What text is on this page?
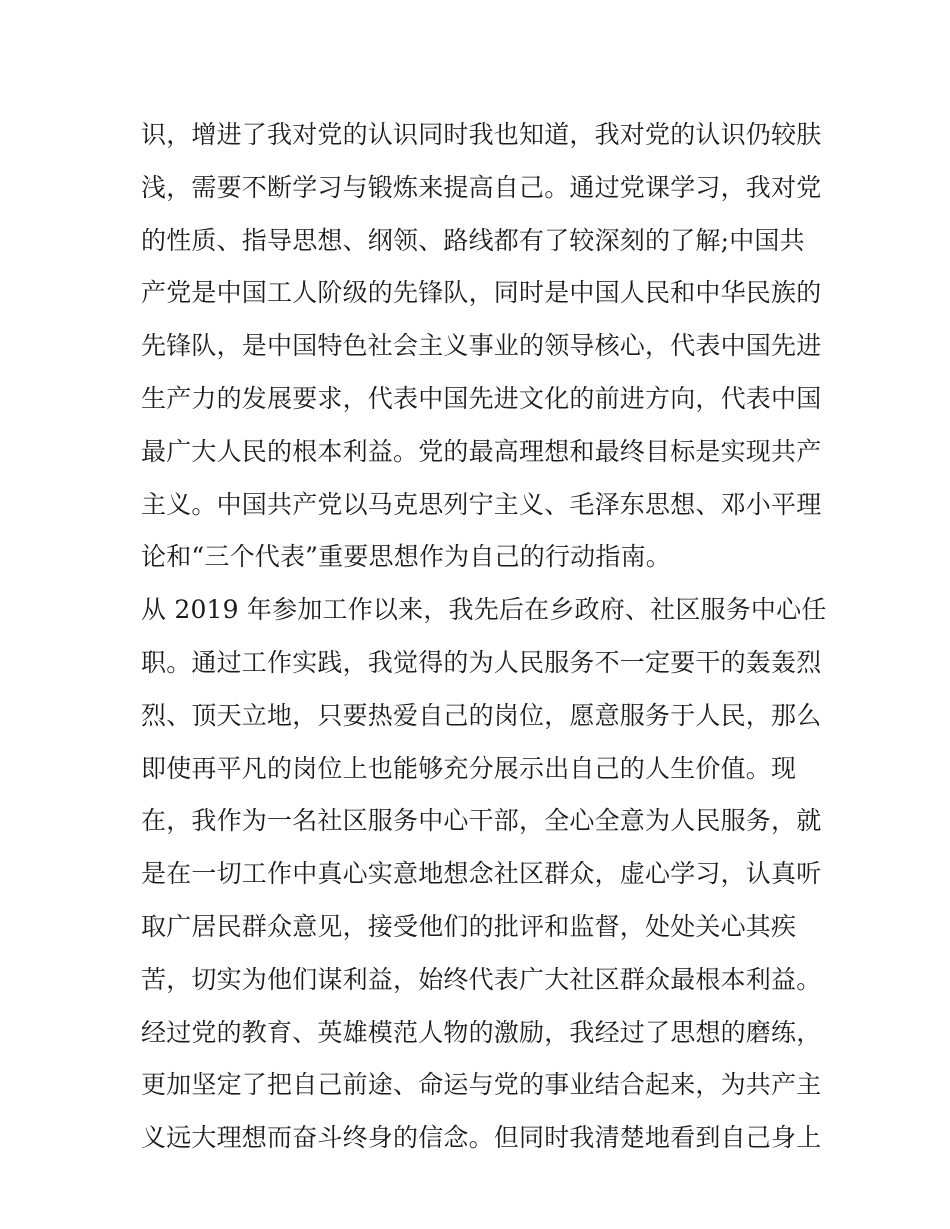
识，增进了我对党的认识同时我也知道，我对党的认识仍较肤
浅，需要不断学习与锻炼来提高自己。通过党课学习，我对党
的性质、指导思想、纲领、路线都有了较深刻的了解;中国共
产党是中国工人阶级的先锋队，同时是中国人民和中华民族的
先锋队，是中国特色社会主义事业的领导核心，代表中国先进
生产力的发展要求，代表中国先进文化的前进方向，代表中国
最广大人民的根本利益。党的最高理想和最终目标是实现共产
主义。中国共产党以马克思列宁主义、毛泽东思想、邓小平理
论和“三个代表”重要思想作为自己的行动指南。
从 2019 年参加工作以来，我先后在乡政府、社区服务中心任
职。通过工作实践，我觉得的为人民服务不一定要干的轰轰烈
烈、顶天立地，只要热爱自己的岗位，愿意服务于人民，那么
即使再平凡的岗位上也能够充分展示出自己的人生价值。现
在，我作为一名社区服务中心干部，全心全意为人民服务，就
是在一切工作中真心实意地想念社区群众，虚心学习，认真听
取广居民群众意见，接受他们的批评和监督，处处关心其疾
苦，切实为他们谋利益，始终代表广大社区群众最根本利益。
经过党的教育、英雄模范人物的激励，我经过了思想的磨练，
更加坚定了把自己前途、命运与党的事业结合起来，为共产主
义远大理想而奋斗终身的信念。但同时我清楚地看到自己身上
